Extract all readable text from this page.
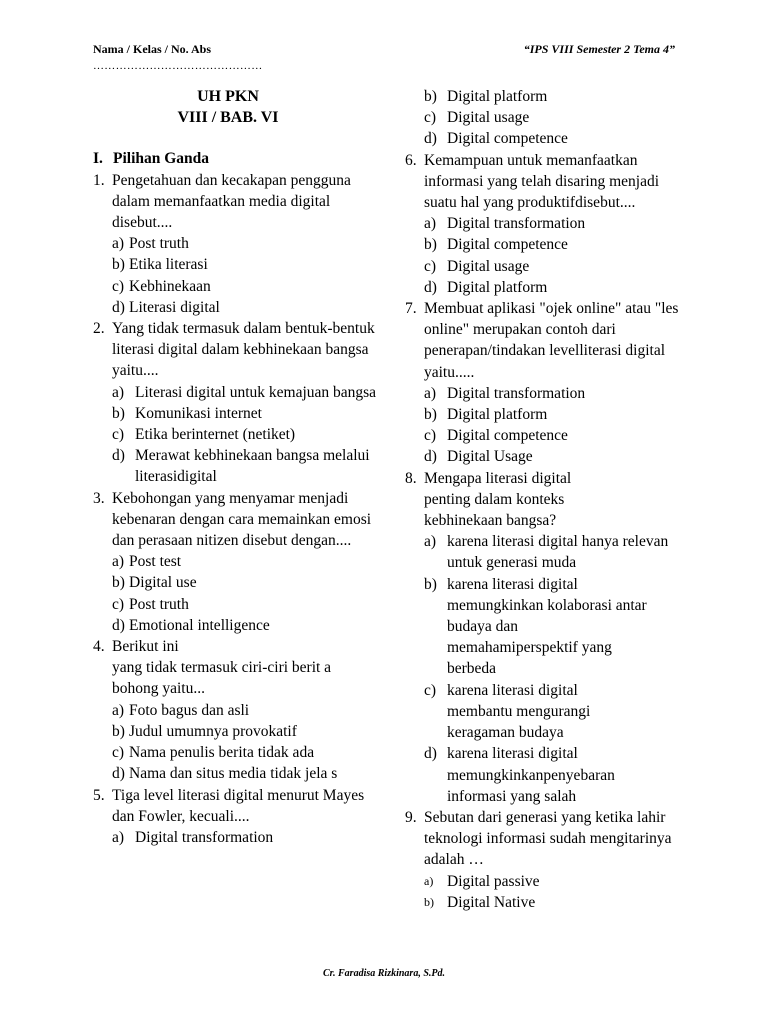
Nama / Kelas / No. Abs	“IPS VIII Semester 2 Tema 4”
………………………………………
UH PKN
VIII / BAB. VI
I. Pilihan Ganda
1. Pengetahuan dan kecakapan pengguna dalam memanfaatkan media digital disebut....
a) Post truth
b) Etika literasi
c) Kebhinekaan
d) Literasi digital
2. Yang tidak termasuk dalam bentuk-bentuk literasi digital dalam kebhinekaan bangsa yaitu....
a) Literasi digital untuk kemajuan bangsa
b) Komunikasi internet
c) Etika berinternet (netiket)
d) Merawat kebhinekaan bangsa melalui literasidigital
3. Kebohongan yang menyamar menjadi kebenaran dengan cara memainkan emosi dan perasaan nitizen disebut dengan....
a) Post test
b) Digital use
c) Post truth
d) Emotional intelligence
4. Berikut ini
yang tidak termasuk ciri-ciri berit a bohong yaitu...
a) Foto bagus dan asli
b) Judul umumnya provokatif
c) Nama penulis berita tidak ada
d) Nama dan situs media tidak jela s
5. Tiga level literasi digital menurut Mayes dan Fowler, kecuali....
a) Digital transformation
b) Digital platform
c) Digital usage
d) Digital competence
6. Kemampuan untuk memanfaatkan informasi yang telah disaring menjadi suatu hal yang produktifdisebut....
a) Digital transformation
b) Digital competence
c) Digital usage
d) Digital platform
7. Membuat aplikasi "ojek online" atau "les online" merupakan contoh dari penerapan/tindakan levelliterasi digital yaitu.....
a) Digital transformation
b) Digital platform
c) Digital competence
d) Digital Usage
8. Mengapa literasi digital penting dalam konteks kebhinekaan bangsa?
a) karena literasi digital hanya relevan untuk generasi muda
b) karena literasi digital memungkinkan kolaborasi antar budaya dan memahamiperspektif yang berbeda
c) karena literasi digital membantu mengurangi keragaman budaya
d) karena literasi digital memungkinkanpenyebaran informasi yang salah
9. Sebutan dari generasi yang ketika lahir teknologi informasi sudah mengitarinya adalah …
a) Digital passive
b) Digital Native
Cr. Faradisa Rizkinara, S.Pd.
